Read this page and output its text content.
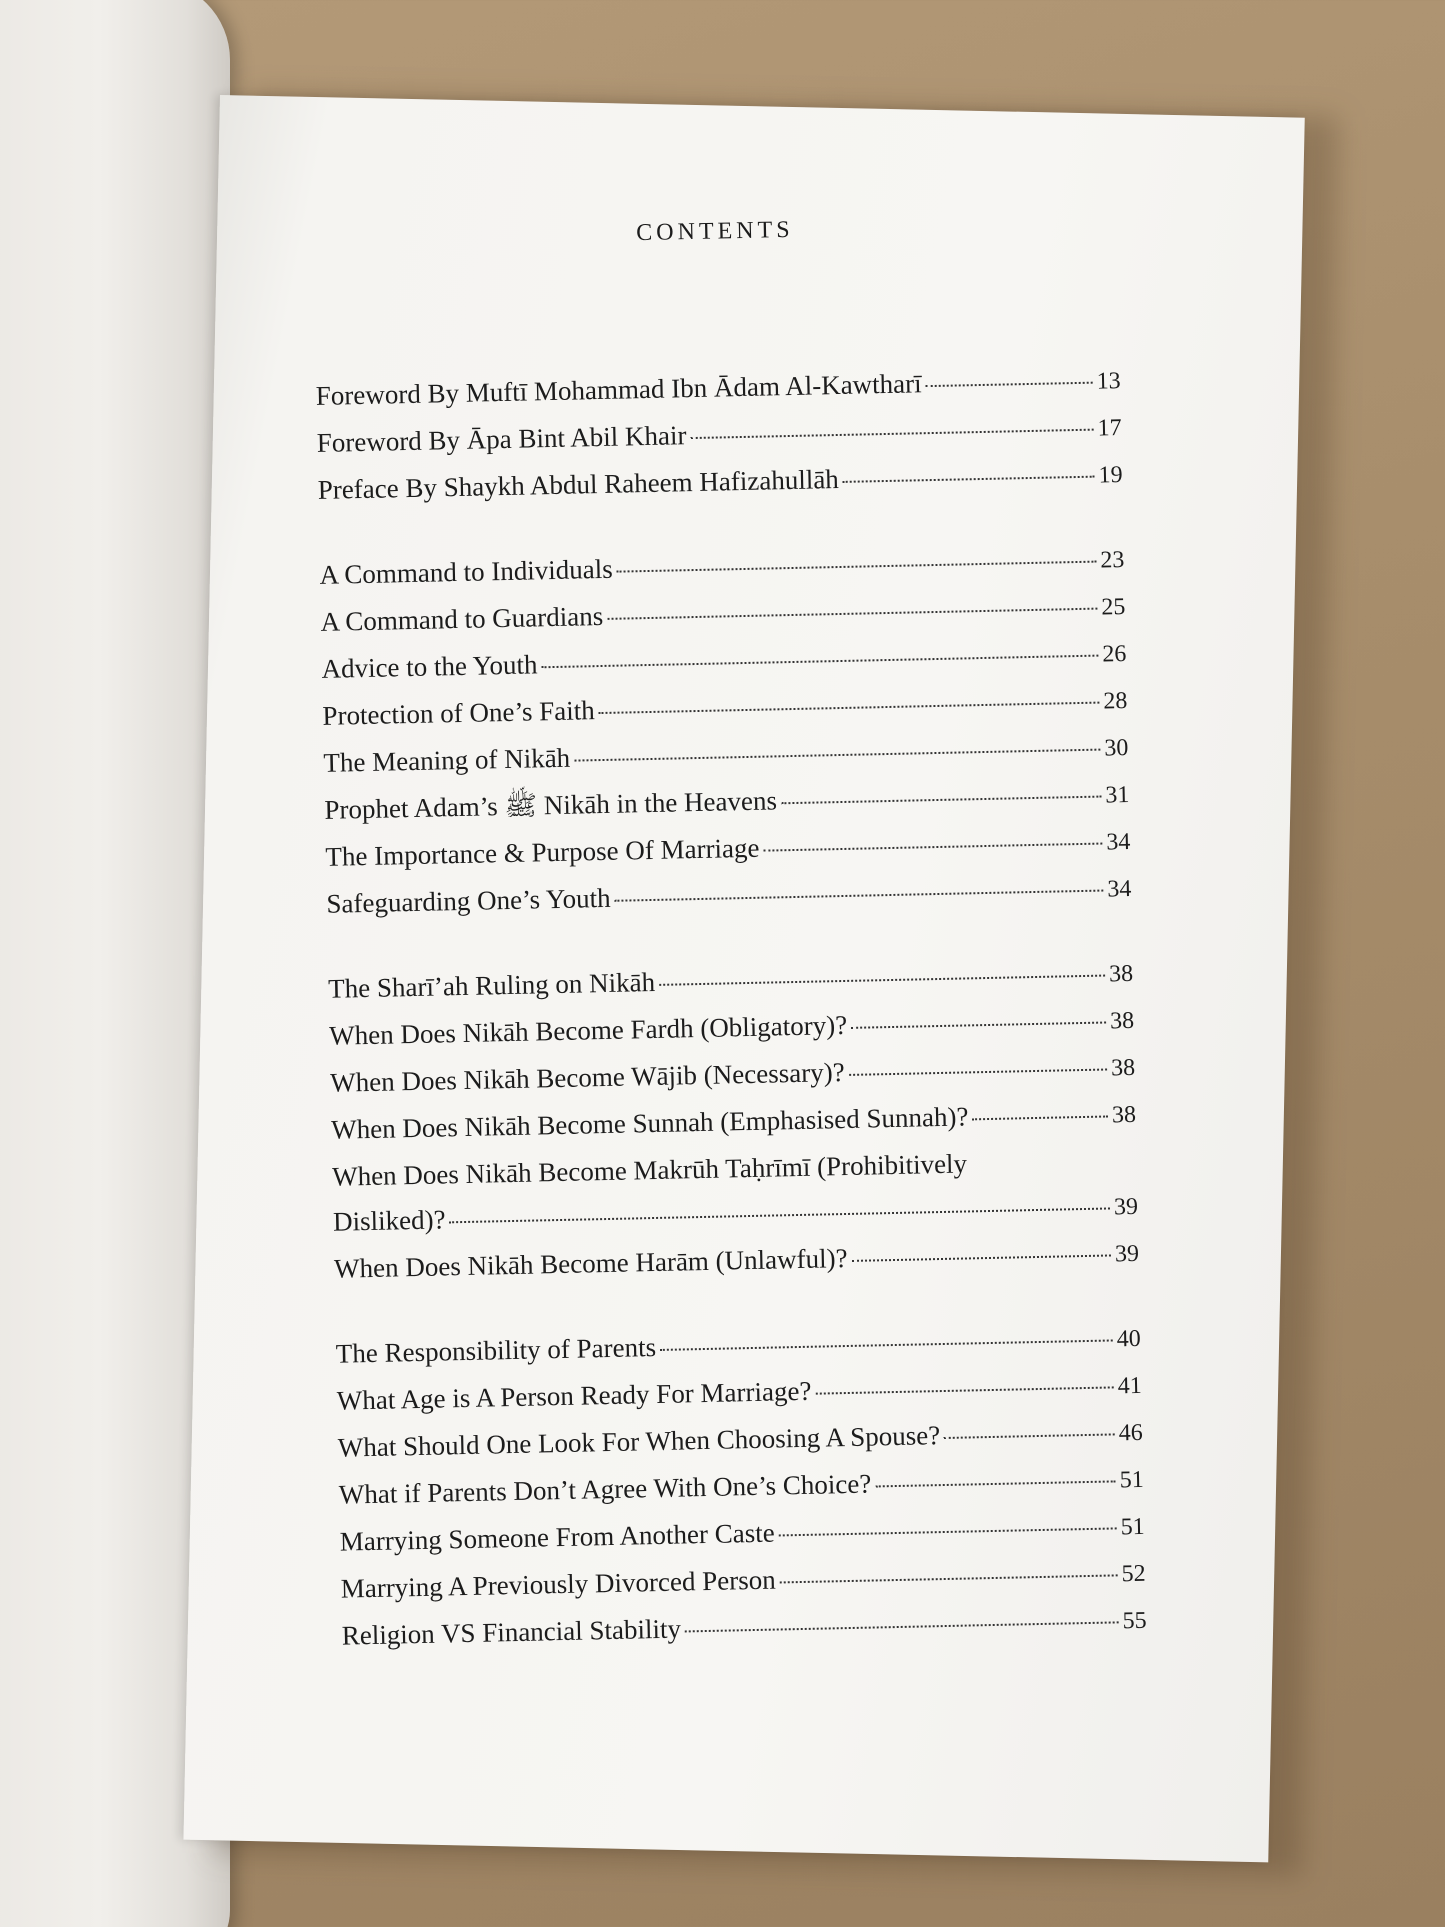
CONTENTS
Foreword By Muftī Mohammad Ibn Ādam Al-Kawtharī	13
Foreword By Āpa Bint Abil Khair	17
Preface By Shaykh Abdul Raheem Hafizahullāh	19
A Command to Individuals	23
A Command to Guardians	25
Advice to the Youth	26
Protection of One’s Faith	28
The Meaning of Nikāh	30
Prophet Adam’s ﷺ Nikāh in the Heavens	31
The Importance & Purpose Of Marriage	34
Safeguarding One’s Youth	34
The Sharī’ah Ruling on Nikāh	38
When Does Nikāh Become Fardh (Obligatory)?	38
When Does Nikāh Become Wājib (Necessary)?	38
When Does Nikāh Become Sunnah (Emphasised Sunnah)?	38
When Does Nikāh Become Makrūh Taḥrīmī (Prohibitively
Disliked)?	39
When Does Nikāh Become Harām (Unlawful)?	39
The Responsibility of Parents	40
What Age is A Person Ready For Marriage?	41
What Should One Look For When Choosing A Spouse?	46
What if Parents Don’t Agree With One’s Choice?	51
Marrying Someone From Another Caste	51
Marrying A Previously Divorced Person	52
Religion VS Financial Stability	55
